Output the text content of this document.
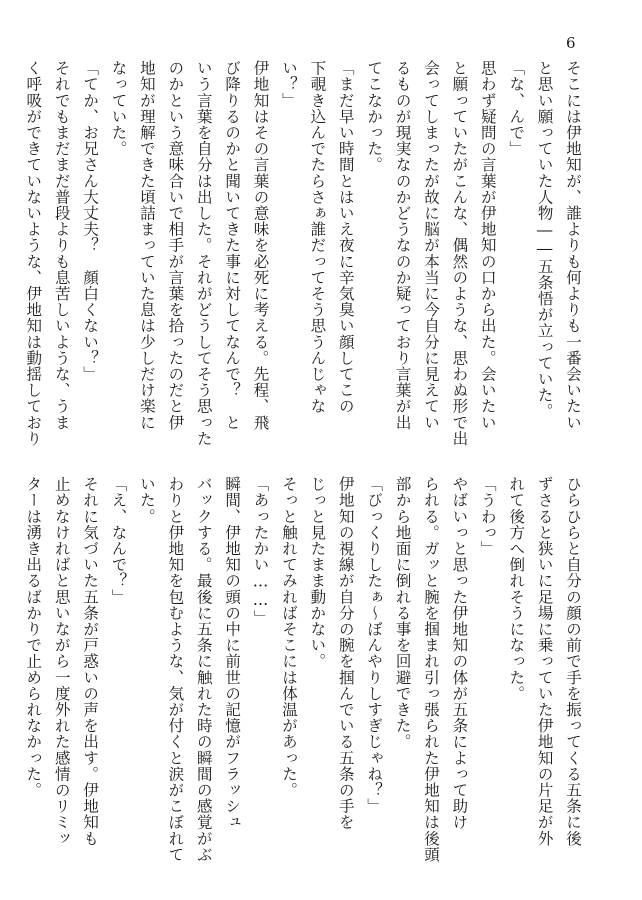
6
そこには伊地知が、誰よりも何よりも一番会いたい
と思い願っていた人物――五条悟が立っていた。
「な、んで」
思わず疑問の言葉が伊地知の口から出た。会いたい
と願っていたがこんな、偶然のような、思わぬ形で出
会ってしまったが故に脳が本当に今自分に見えてい
るものが現実なのかどうなのか疑っており言葉が出
てこなかった。
「まだ早い時間とはいえ夜に辛気臭い顔してこの
下覗き込んでたらさぁ誰だってそう思うんじゃな
い？」
伊地知はその言葉の意味を必死に考える。先程、飛
び降りるのかと聞いてきた事に対してなんで？　と
いう言葉を自分は出した。それがどうしてそう思った
のかという意味合いで相手が言葉を拾ったのだと伊
地知が理解できた頃詰まっていた息は少しだけ楽に
なっていた。
「てか、お兄さん大丈夫？　顔白くない？」
それでもまだまだ普段よりも息苦しいような、うま
く呼吸ができていないような、伊地知は動揺しており
ひらひらと自分の顔の前で手を振ってくる五条に後
ずさると狭いに足場に乗っていた伊地知の片足が外
れて後方へ倒れそうになった。
「うわっ」
やばいっと思った伊地知の体が五条によって助け
られる。ガッと腕を掴まれ引っ張られた伊地知は後頭
部から地面に倒れる事を回避できた。
「びっくりしたぁ～ぼんやりしすぎじゃね？」
伊地知の視線が自分の腕を掴んでいる五条の手を
じっと見たまま動かない。
そっと触れてみればそこには体温があった。
「あったかい……」
瞬間、伊地知の頭の中に前世の記憶がフラッシュ
バックする。最後に五条に触れた時の瞬間の感覚がぶ
わりと伊地知を包むような、気が付くと涙がこぼれて
いた。
「え、なんで？」
それに気づいた五条が戸惑いの声を出す。伊地知も
止めなければと思いながら一度外れた感情のリミッ
ターは湧き出るばかりで止められなかった。
